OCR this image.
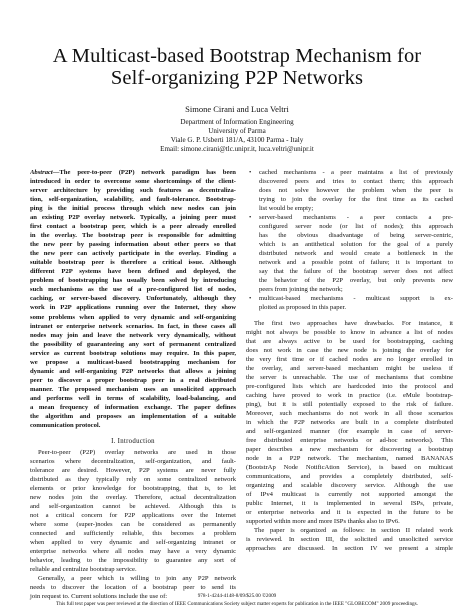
A Multicast-based Bootstrap Mechanism for
Self-organizing P2P Networks
Simone Cirani and Luca Veltri
Department of Information Engineering
University of Parma
Viale G. P. Usberti 181/A, 43100 Parma - Italy
Email: simone.cirani@tlc.unipr.it, luca.veltri@unipr.it
Abstract—The peer-to-peer (P2P) network paradigm has been
introduced in order to overcome some shortcomings of the client-
server architecture by providing such features as decentraliza-
tion, self-organization, scalability, and fault-tolerance. Bootstrap-
ping is the initial process through which new nodes can join
an existing P2P overlay network. Typically, a joining peer must
first contact a bootstrap peer, which is a peer already enrolled
in the overlay. The bootstrap peer is responsible for admitting
the new peer by passing information about other peers so that
the new peer can actively participate in the overlay. Finding a
suitable bootstrap peer is therefore a critical issue. Although
different P2P systems have been defined and deployed, the
problem of bootstrapping has usually been solved by introducing
such mechanisms as the use of a pre-configured list of nodes,
caching, or server-based discovery. Unfortunately, although they
work in P2P applications running over the Internet, they show
some problems when applied to very dynamic and self-organizing
intranet or enterprise network scenarios. In fact, in these cases all
nodes may join and leave the network very dynamically, without
the possibility of guaranteeing any sort of permanent centralized
service as current bootstrap solutions may require. In this paper,
we propose a multicast-based bootstrapping mechanism for
dynamic and self-organizing P2P networks that allows a joining
peer to discover a proper bootstrap peer in a real distributed
manner. The proposed mechanism uses an unsolicited approach
and performs well in terms of scalability, load-balancing, and
a mean frequency of information exchange. The paper defines
the algorithm and proposes an implementation of a suitable
communication protocol.
I. Introduction
Peer-to-peer (P2P) overlay networks are used in those
scenarios where decentralization, self-organization, and fault-
tolerance are desired. However, P2P systems are never fully
distributed as they typically rely on some centralized network
elements or prior knowledge for bootstrapping, that is, to let
new nodes join the overlay. Therefore, actual decentralization
and self-organization cannot be achieved. Although this is
not a critical concern for P2P applications over the Internet
where some (super-)nodes can be considered as permanently
connected and sufficiently reliable, this becomes a problem
when applied to very dynamic and self-organizing intranet or
enterprise networks where all nodes may have a very dynamic
behavior, leading to the impossibility to guarantee any sort of
reliable and centralize bootstrap service.
Generally, a peer which is willing to join any P2P network
needs to discover the location of a bootstrap peer to send its
join request to. Current solutions include the use of:
• cached mechanisms - a peer maintains a list of previously
discovered peers and tries to contact them; this approach
does not solve however the problem when the peer is
trying to join the overlay for the first time as its cached
list would be empty;
• server-based mechanisms - a peer contacts a pre-
configured server node (or list of nodes); this approach
has the obvious disadvantage of being server-centric,
which is an antithetical solution for the goal of a purely
distributed network and would create a bottleneck in the
network and a possible point of failure; it is important to
say that the failure of the bootstrap server does not affect
the behavior of the P2P overlay, but only prevents new
peers from joining the network;
• multicast-based mechanisms - multicast support is ex-
ploited as proposed in this paper.
The first two approaches have drawbacks. For instance, it
might not always be possible to know in advance a list of nodes
that are always active to be used for bootstrapping, caching
does not work in case the new node is joining the overlay for
the very first time or if cached nodes are no longer enrolled in
the overlay, and server-based mechanism might be useless if
the server is unreachable. The use of mechanisms that combine
pre-configured lists which are hardcoded into the protocol and
caching have proved to work in practice (i.e. eMule bootstrap-
ping), but it is still potentially exposed to the risk of failure.
Moreover, such mechanisms do not work in all those scenarios
in which the P2P networks are built in a complete distributed
and self-organized manner (for example in case of server-
free distributed enterprise networks or ad-hoc networks). This
paper describes a new mechanism for discovering a bootstrap
node in a P2P network. The mechanism, named BANANAS
(BootstrAp Node NotificAtion Service), is based on multicast
communications, and provides a completely distributed, self-
organizing and scalable discovery service. Although the use
of IPv4 multicast is currently not supported amongst the
public Internet, it is implemented in several ISPs, private,
or enterprise networks and it is expected in the future to be
supported within more and more ISPs thanks also to IPv6.
The paper is organized as follows: in section II related work
is reviewed. In section III, the solicited and unsolicited service
approaches are discussed. In section IV we present a simple
978-1-4244-4148-8/09/$25.00 ©2009
This full text paper was peer reviewed at the direction of IEEE Communications Society subject matter experts for publication in the IEEE "GLOBECOM" 2009 proceedings.
